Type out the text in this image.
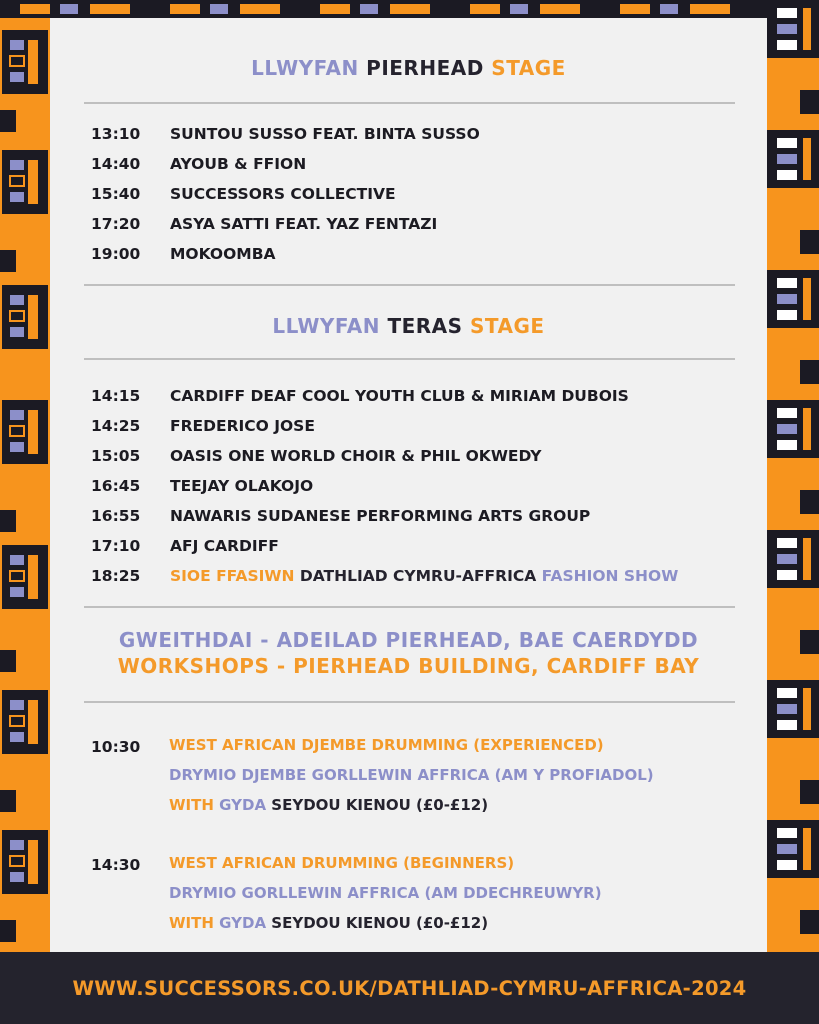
LLWYFAN PIERHEAD STAGE
13:10	SUNTOU SUSSO FEAT. BINTA SUSSO
14:40	AYOUB & FFION
15:40	SUCCESSORS COLLECTIVE
17:20	ASYA SATTI FEAT. YAZ FENTAZI
19:00	MOKOOMBA
LLWYFAN TERAS STAGE
14:15	CARDIFF DEAF COOL YOUTH CLUB & MIRIAM DUBOIS
14:25	FREDERICO JOSE
15:05	OASIS ONE WORLD CHOIR & PHIL OKWEDY
16:45	TEEJAY OLAKOJO
16:55	NAWARIS SUDANESE PERFORMING ARTS GROUP
17:10	AFJ CARDIFF
18:25	SIOE FFASIWN DATHLIAD CYMRU-AFFRICA FASHION SHOW
GWEITHDAI - ADEILAD PIERHEAD, BAE CAERDYDD
WORKSHOPS - PIERHEAD BUILDING, CARDIFF BAY
10:30	WEST AFRICAN DJEMBE DRUMMING (EXPERIENCED)
DRYMIO DJEMBE GORLLEWIN AFFRICA (AM Y PROFIADOL)
WITH GYDA SEYDOU KIENOU (£0-£12)
14:30	WEST AFRICAN DRUMMING (BEGINNERS)
DRYMIO GORLLEWIN AFFRICA (AM DDECHREUWYR)
WITH GYDA SEYDOU KIENOU (£0-£12)
WWW.SUCCESSORS.CO.UK/DATHLIAD-CYMRU-AFFRICA-2024
